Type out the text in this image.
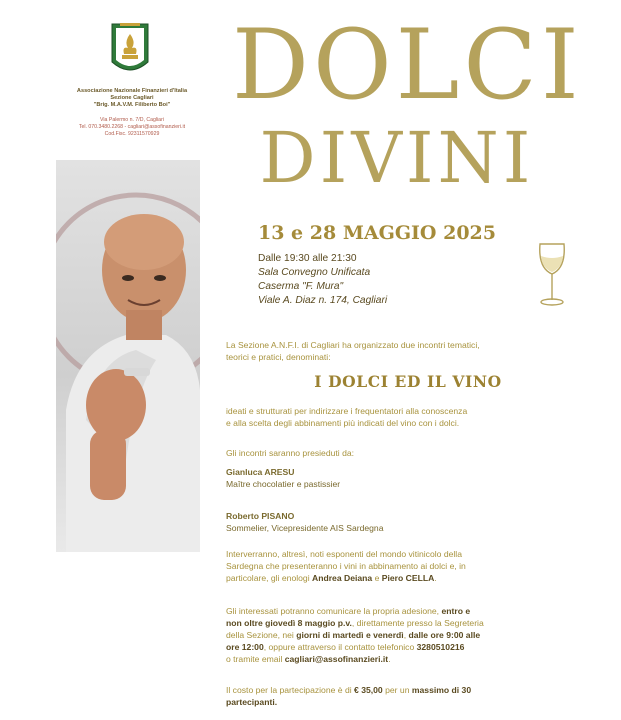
Associazione Nazionale Finanzieri d'Italia
Sezione Cagliari
"Brig. M.A.V.M. Filiberto Boi"
Via Palermo n. 7/D, Cagliari
Tel. 070.3480.2268 - cagliari@assofinanzieri.it
Cod.Fisc. 92311570929
DOLCI
DIVINI
13 e 28 MAGGIO 2025
Dalle 19:30 alle 21:30
Sala Convegno Unificata
Caserma "F. Mura"
Viale A. Diaz n. 174, Cagliari
La Sezione A.N.F.I. di Cagliari ha organizzato due incontri tematici,
teorici e pratici, denominati:
I DOLCI ED IL VINO
ideati e strutturati per indirizzare i frequentatori alla conoscenza
e alla scelta degli abbinamenti più indicati del vino con i dolci.
Gli incontri saranno presieduti da:
Gianluca ARESU
Maître chocolatier e pastissier
Roberto PISANO
Sommelier, Vicepresidente AIS Sardegna
Interverranno, altresì, noti esponenti del mondo vitinicolo della
Sardegna che presenteranno i vini in abbinamento ai dolci e, in
particolare, gli enologi Andrea Deiana e Piero CELLA.
Gli interessati potranno comunicare la propria adesione, entro e
non oltre giovedì 8 maggio p.v., direttamente presso la Segreteria
della Sezione, nei giorni di martedì e venerdì, dalle ore 9:00 alle
ore 12:00, oppure attraverso il contatto telefonico 3280510216
o tramite email cagliari@assofinanzieri.it.
Il costo per la partecipazione è di € 35,00 per un massimo di 30
partecipanti.
